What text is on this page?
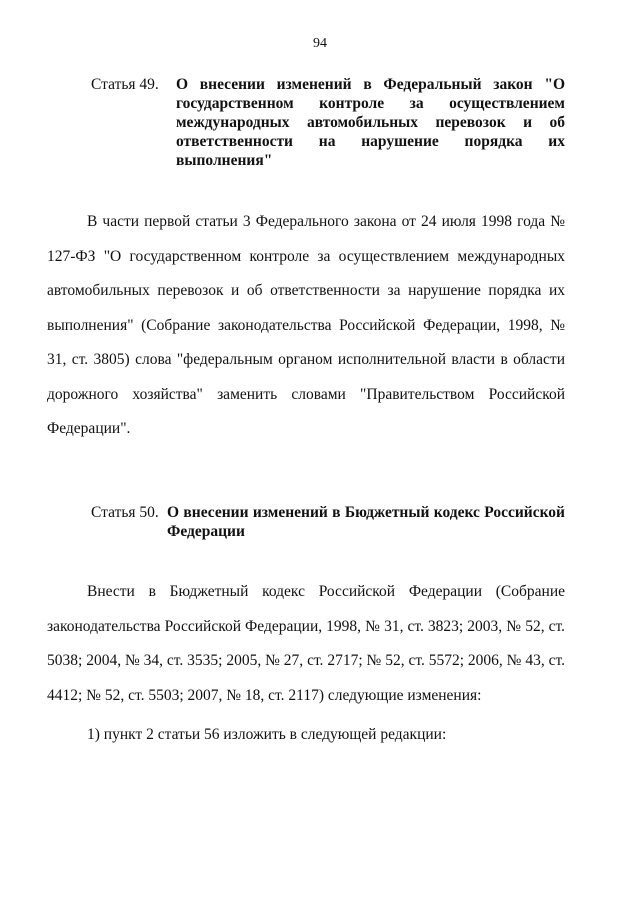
94
Статья 49.	О внесении изменений в Федеральный закон "О государственном контроле за осуществлением международных автомобильных перевозок и об ответственности на нарушение порядка их выполнения"
В части первой статьи 3 Федерального закона от 24 июля 1998 года № 127-ФЗ "О государственном контроле за осуществлением международных автомобильных перевозок и об ответственности за нарушение порядка их выполнения" (Собрание законодательства Российской Федерации, 1998, № 31, ст. 3805) слова "федеральным органом исполнительной власти в области дорожного хозяйства" заменить словами "Правительством Российской Федерации".
Статья 50. О внесении изменений в Бюджетный кодекс Российской Федерации
Внести в Бюджетный кодекс Российской Федерации (Собрание законодательства Российской Федерации, 1998, № 31, ст. 3823; 2003, № 52, ст. 5038; 2004, № 34, ст. 3535; 2005, № 27, ст. 2717; № 52, ст. 5572; 2006, № 43, ст. 4412; № 52, ст. 5503; 2007, № 18, ст. 2117) следующие изменения:
1) пункт 2 статьи 56 изложить в следующей редакции:
